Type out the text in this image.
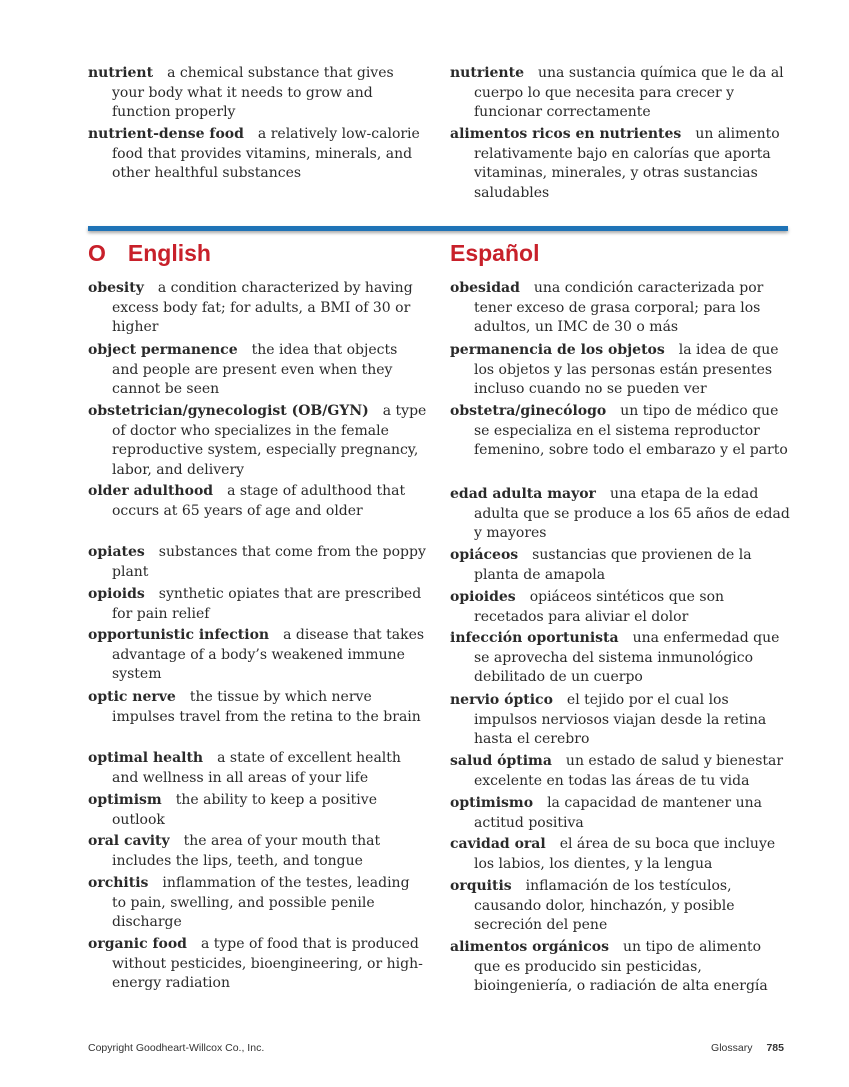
nutrient a chemical substance that gives your body what it needs to grow and function properly
nutrient-dense food a relatively low-calorie food that provides vitamins, minerals, and other healthful substances
nutriente una sustancia química que le da al cuerpo lo que necesita para crecer y funcionar correctamente
alimentos ricos en nutrientes un alimento relativamente bajo en calorías que aporta vitaminas, minerales, y otras sustancias saludables
O English	Español
obesity a condition characterized by having excess body fat; for adults, a BMI of 30 or higher
object permanence the idea that objects and people are present even when they cannot be seen
obstetrician/gynecologist (OB/GYN) a type of doctor who specializes in the female reproductive system, especially pregnancy, labor, and delivery
older adulthood a stage of adulthood that occurs at 65 years of age and older
opiates substances that come from the poppy plant
opioids synthetic opiates that are prescribed for pain relief
opportunistic infection a disease that takes advantage of a body’s weakened immune system
optic nerve the tissue by which nerve impulses travel from the retina to the brain
optimal health a state of excellent health and wellness in all areas of your life
optimism the ability to keep a positive outlook
oral cavity the area of your mouth that includes the lips, teeth, and tongue
orchitis inflammation of the testes, leading to pain, swelling, and possible penile discharge
organic food a type of food that is produced without pesticides, bioengineering, or high-energy radiation
obesidad una condición caracterizada por tener exceso de grasa corporal; para los adultos, un IMC de 30 o más
permanencia de los objetos la idea de que los objetos y las personas están presentes incluso cuando no se pueden ver
obstetra/ginecólogo un tipo de médico que se especializa en el sistema reproductor femenino, sobre todo el embarazo y el parto
edad adulta mayor una etapa de la edad adulta que se produce a los 65 años de edad y mayores
opiáceos sustancias que provienen de la planta de amapola
opioides opiáceos sintéticos que son recetados para aliviar el dolor
infección oportunista una enfermedad que se aprovecha del sistema inmunológico debilitado de un cuerpo
nervio óptico el tejido por el cual los impulsos nerviosos viajan desde la retina hasta el cerebro
salud óptima un estado de salud y bienestar excelente en todas las áreas de tu vida
optimismo la capacidad de mantener una actitud positiva
cavidad oral el área de su boca que incluye los labios, los dientes, y la lengua
orquitis inflamación de los testículos, causando dolor, hinchazón, y posible secreción del pene
alimentos orgánicos un tipo de alimento que es producido sin pesticidas, bioingeniería, o radiación de alta energía
Copyright Goodheart-Willcox Co., Inc.	Glossary 785
